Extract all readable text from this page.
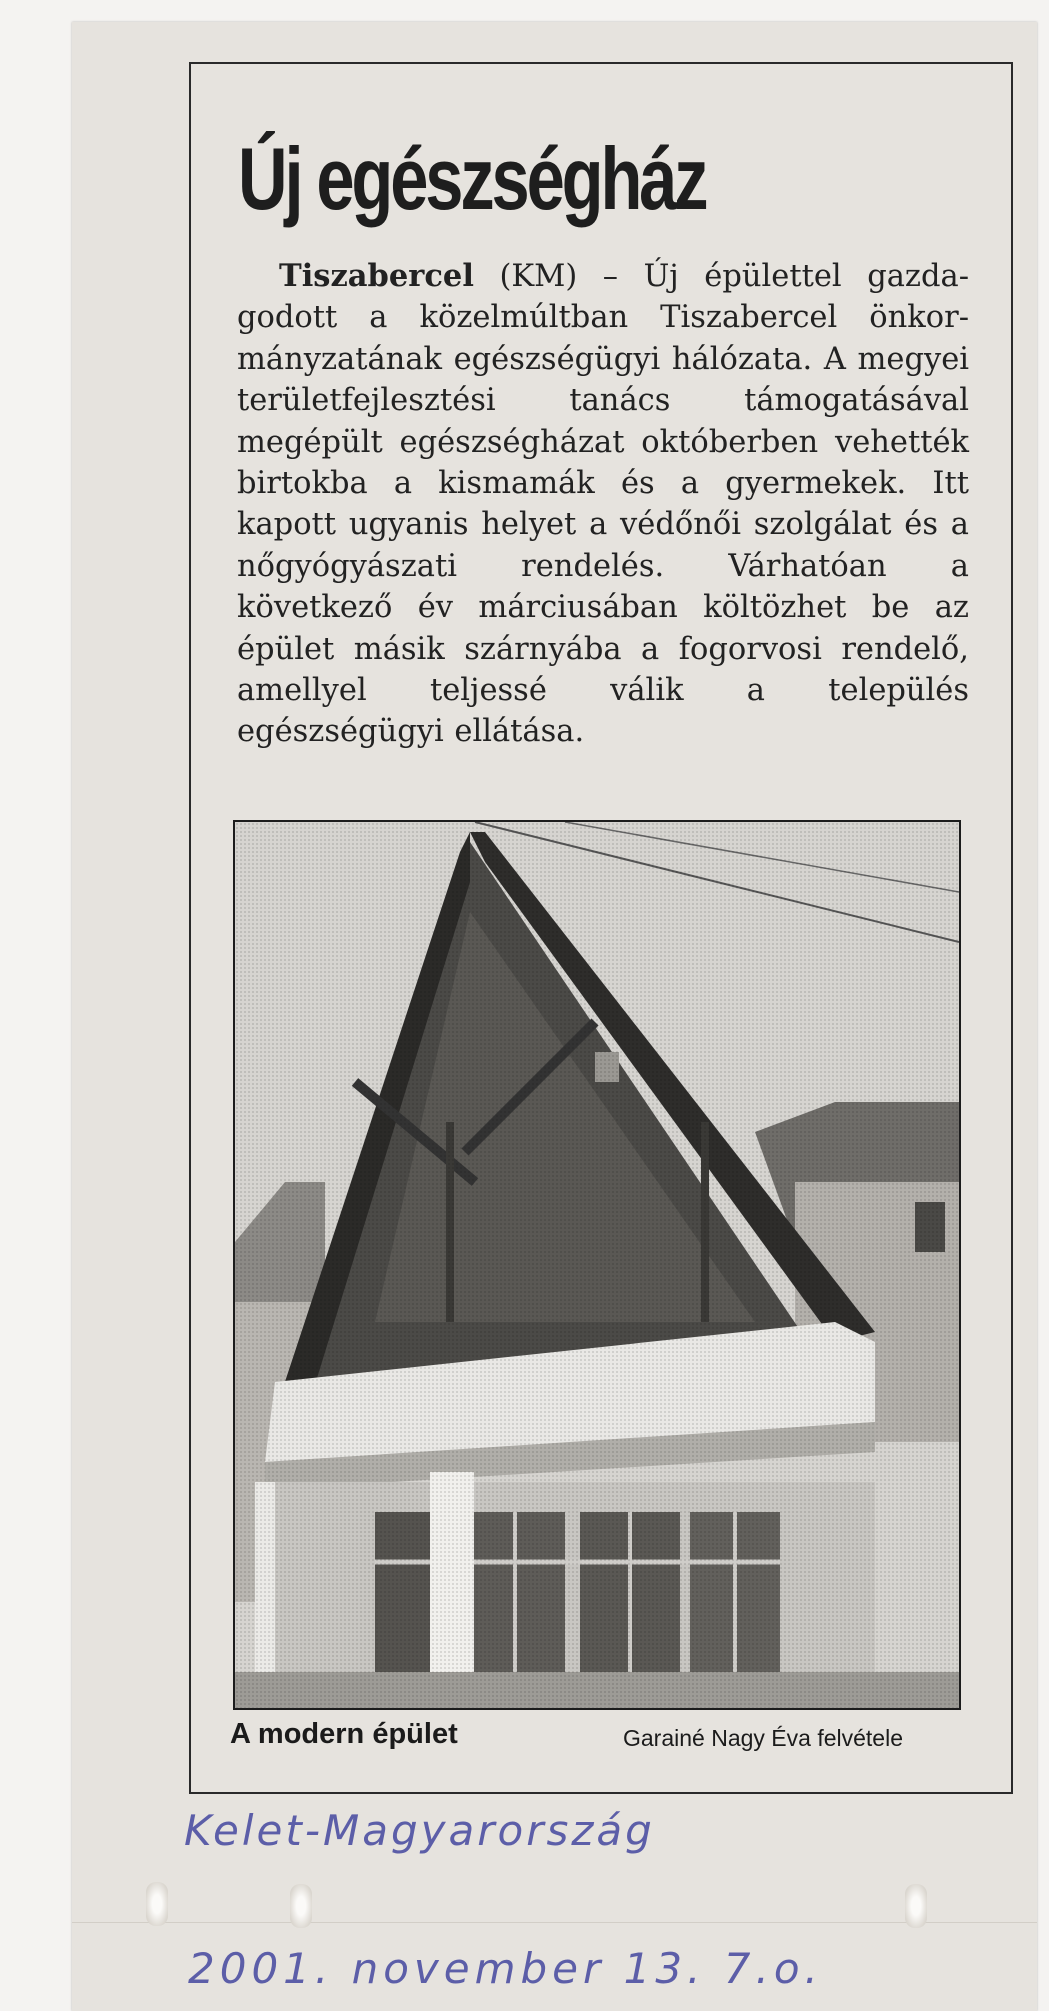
Új egészségház

Tiszabercel (KM) – Új épülettel gazdagodott a közelmúltban Tiszabercel önkormányzatának egészségügyi hálózata. A megyei területfejlesztési tanács támogatásával megépült egészségházat októberben vehették birtokba a kismamák és a gyermekek. Itt kapott ugyanis helyet a védőnői szolgálat és a nőgyógyászati rendelés. Várhatóan a következő év márciusában költözhet be az épület másik szárnyába a fogorvosi rendelő, amellyel teljessé válik a település egészségügyi ellátása.

A modern épület	Garainé Nagy Éva felvétele
Kelet-Magyarország
2001. november 13. 7.o.
